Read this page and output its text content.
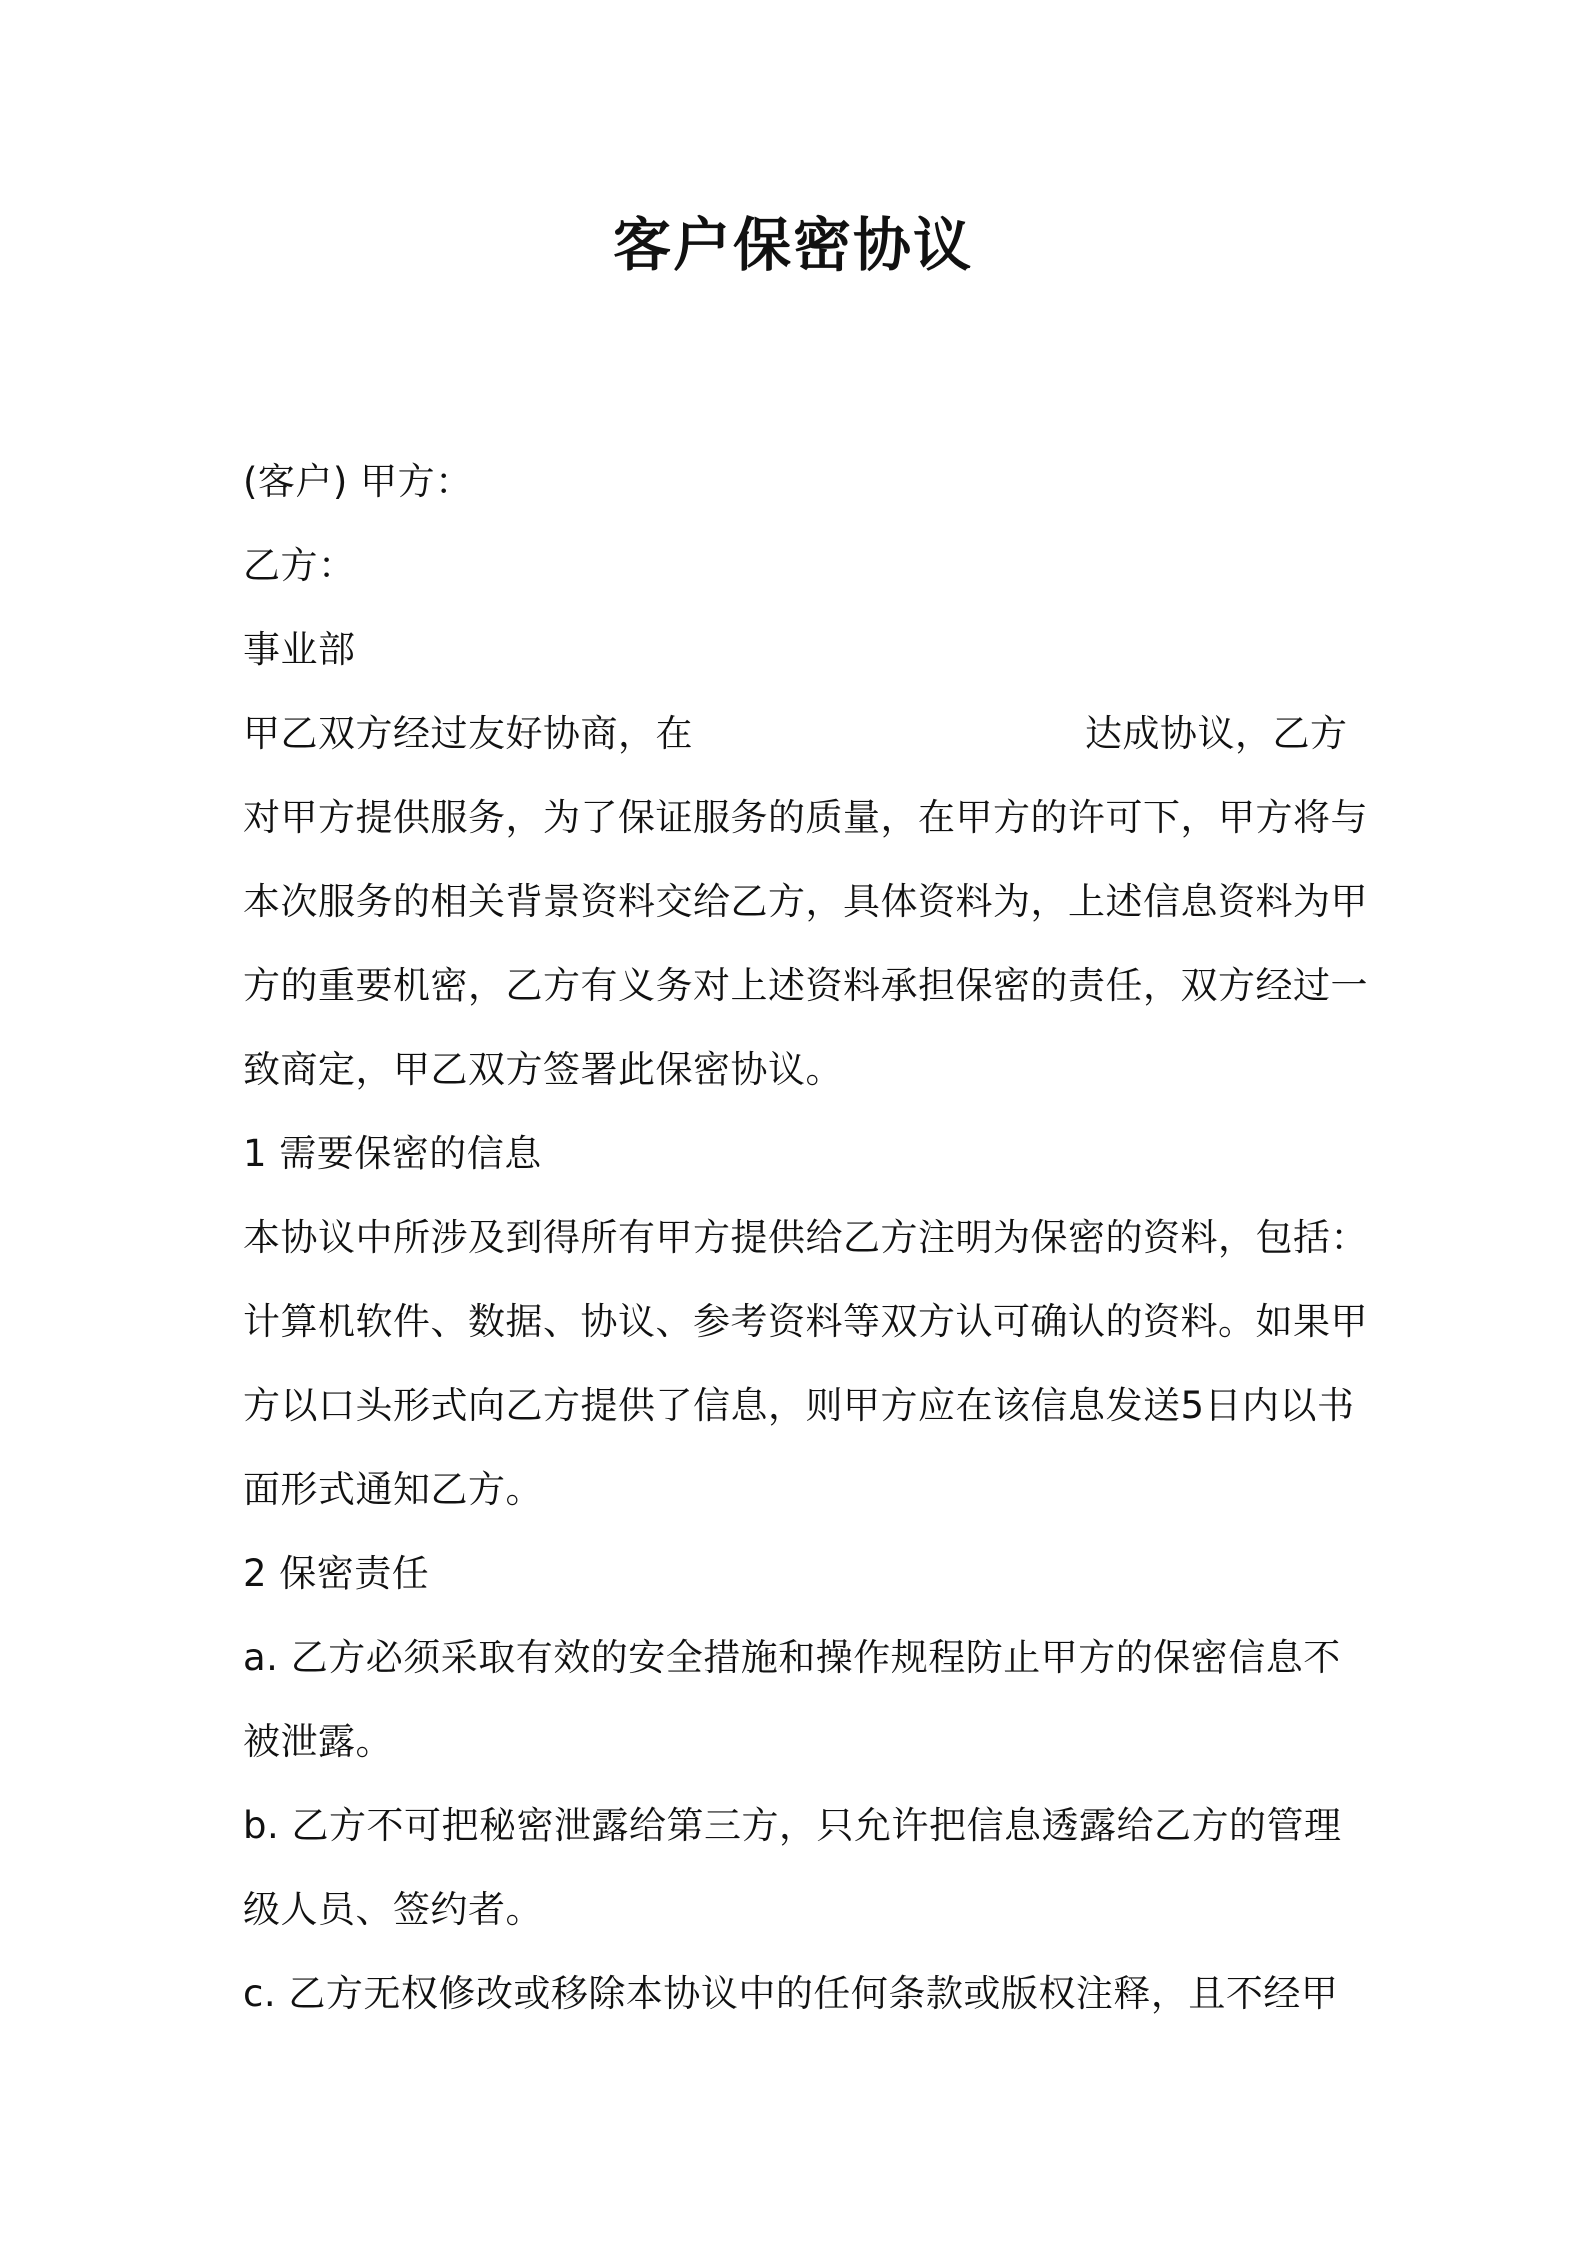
客户保密协议
(客户) 甲方：
乙方：
事业部
甲乙双方经过友好协商，在	达成协议，乙方
对甲方提供服务，为了保证服务的质量，在甲方的许可下，甲方将与
本次服务的相关背景资料交给乙方，具体资料为，上述信息资料为甲
方的重要机密，乙方有义务对上述资料承担保密的责任，双方经过一
致商定，甲乙双方签署此保密协议。
1 需要保密的信息
本协议中所涉及到得所有甲方提供给乙方注明为保密的资料，包括：
计算机软件、数据、协议、参考资料等双方认可确认的资料。如果甲
方以口头形式向乙方提供了信息，则甲方应在该信息发送5日内以书
面形式通知乙方。
2 保密责任
a. 乙方必须采取有效的安全措施和操作规程防止甲方的保密信息不
被泄露。
b. 乙方不可把秘密泄露给第三方，只允许把信息透露给乙方的管理
级人员、签约者。
c. 乙方无权修改或移除本协议中的任何条款或版权注释，且不经甲
